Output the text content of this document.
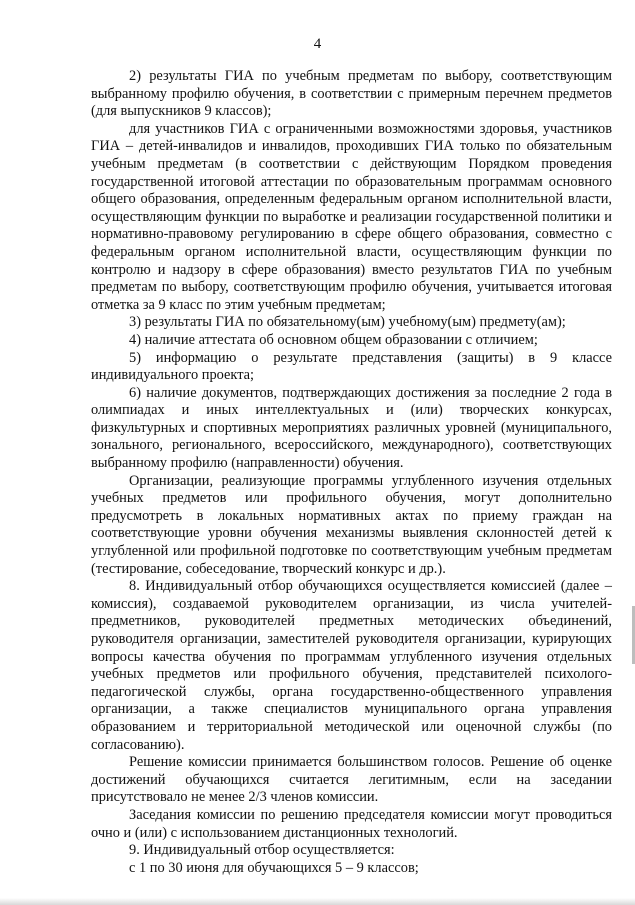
4

2) результаты ГИА по учебным предметам по выбору, соответствующим выбранному профилю обучения, в соответствии с примерным перечнем предметов (для выпускников 9 классов);

для участников ГИА с ограниченными возможностями здоровья, участников ГИА – детей-инвалидов и инвалидов, проходивших ГИА только по обязательным учебным предметам (в соответствии с действующим Порядком проведения государственной итоговой аттестации по образовательным программам основного общего образования, определенным федеральным органом исполнительной власти, осуществляющим функции по выработке и реализации государственной политики и нормативно-правовому регулированию в сфере общего образования, совместно с федеральным органом исполнительной власти, осуществляющим функции по контролю и надзору в сфере образования) вместо результатов ГИА по учебным предметам по выбору, соответствующим профилю обучения, учитывается итоговая отметка за 9 класс по этим учебным предметам;

3) результаты ГИА по обязательному(ым) учебному(ым) предмету(ам);

4) наличие аттестата об основном общем образовании с отличием;

5) информацию о результате представления (защиты) в 9 классе индивидуального проекта;

6) наличие документов, подтверждающих достижения за последние 2 года в олимпиадах и иных интеллектуальных и (или) творческих конкурсах, физкультурных и спортивных мероприятиях различных уровней (муниципального, зонального, регионального, всероссийского, международного), соответствующих выбранному профилю (направленности) обучения.

Организации, реализующие программы углубленного изучения отдельных учебных предметов или профильного обучения, могут дополнительно предусмотреть в локальных нормативных актах по приему граждан на соответствующие уровни обучения механизмы выявления склонностей детей к углубленной или профильной подготовке по соответствующим учебным предметам (тестирование, собеседование, творческий конкурс и др.).

8. Индивидуальный отбор обучающихся осуществляется комиссией (далее – комиссия), создаваемой руководителем организации, из числа учителей-предметников, руководителей предметных методических объединений, руководителя организации, заместителей руководителя организации, курирующих вопросы качества обучения по программам углубленного изучения отдельных учебных предметов или профильного обучения, представителей психолого-педагогической службы, органа государственно-общественного управления организации, а также специалистов муниципального органа управления образованием и территориальной методической или оценочной службы (по согласованию).

Решение комиссии принимается большинством голосов. Решение об оценке достижений обучающихся считается легитимным, если на заседании присутствовало не менее 2/3 членов комиссии.

Заседания комиссии по решению председателя комиссии могут проводиться очно и (или) с использованием дистанционных технологий.

9. Индивидуальный отбор осуществляется:

с 1 по 30 июня для обучающихся 5 – 9 классов;
